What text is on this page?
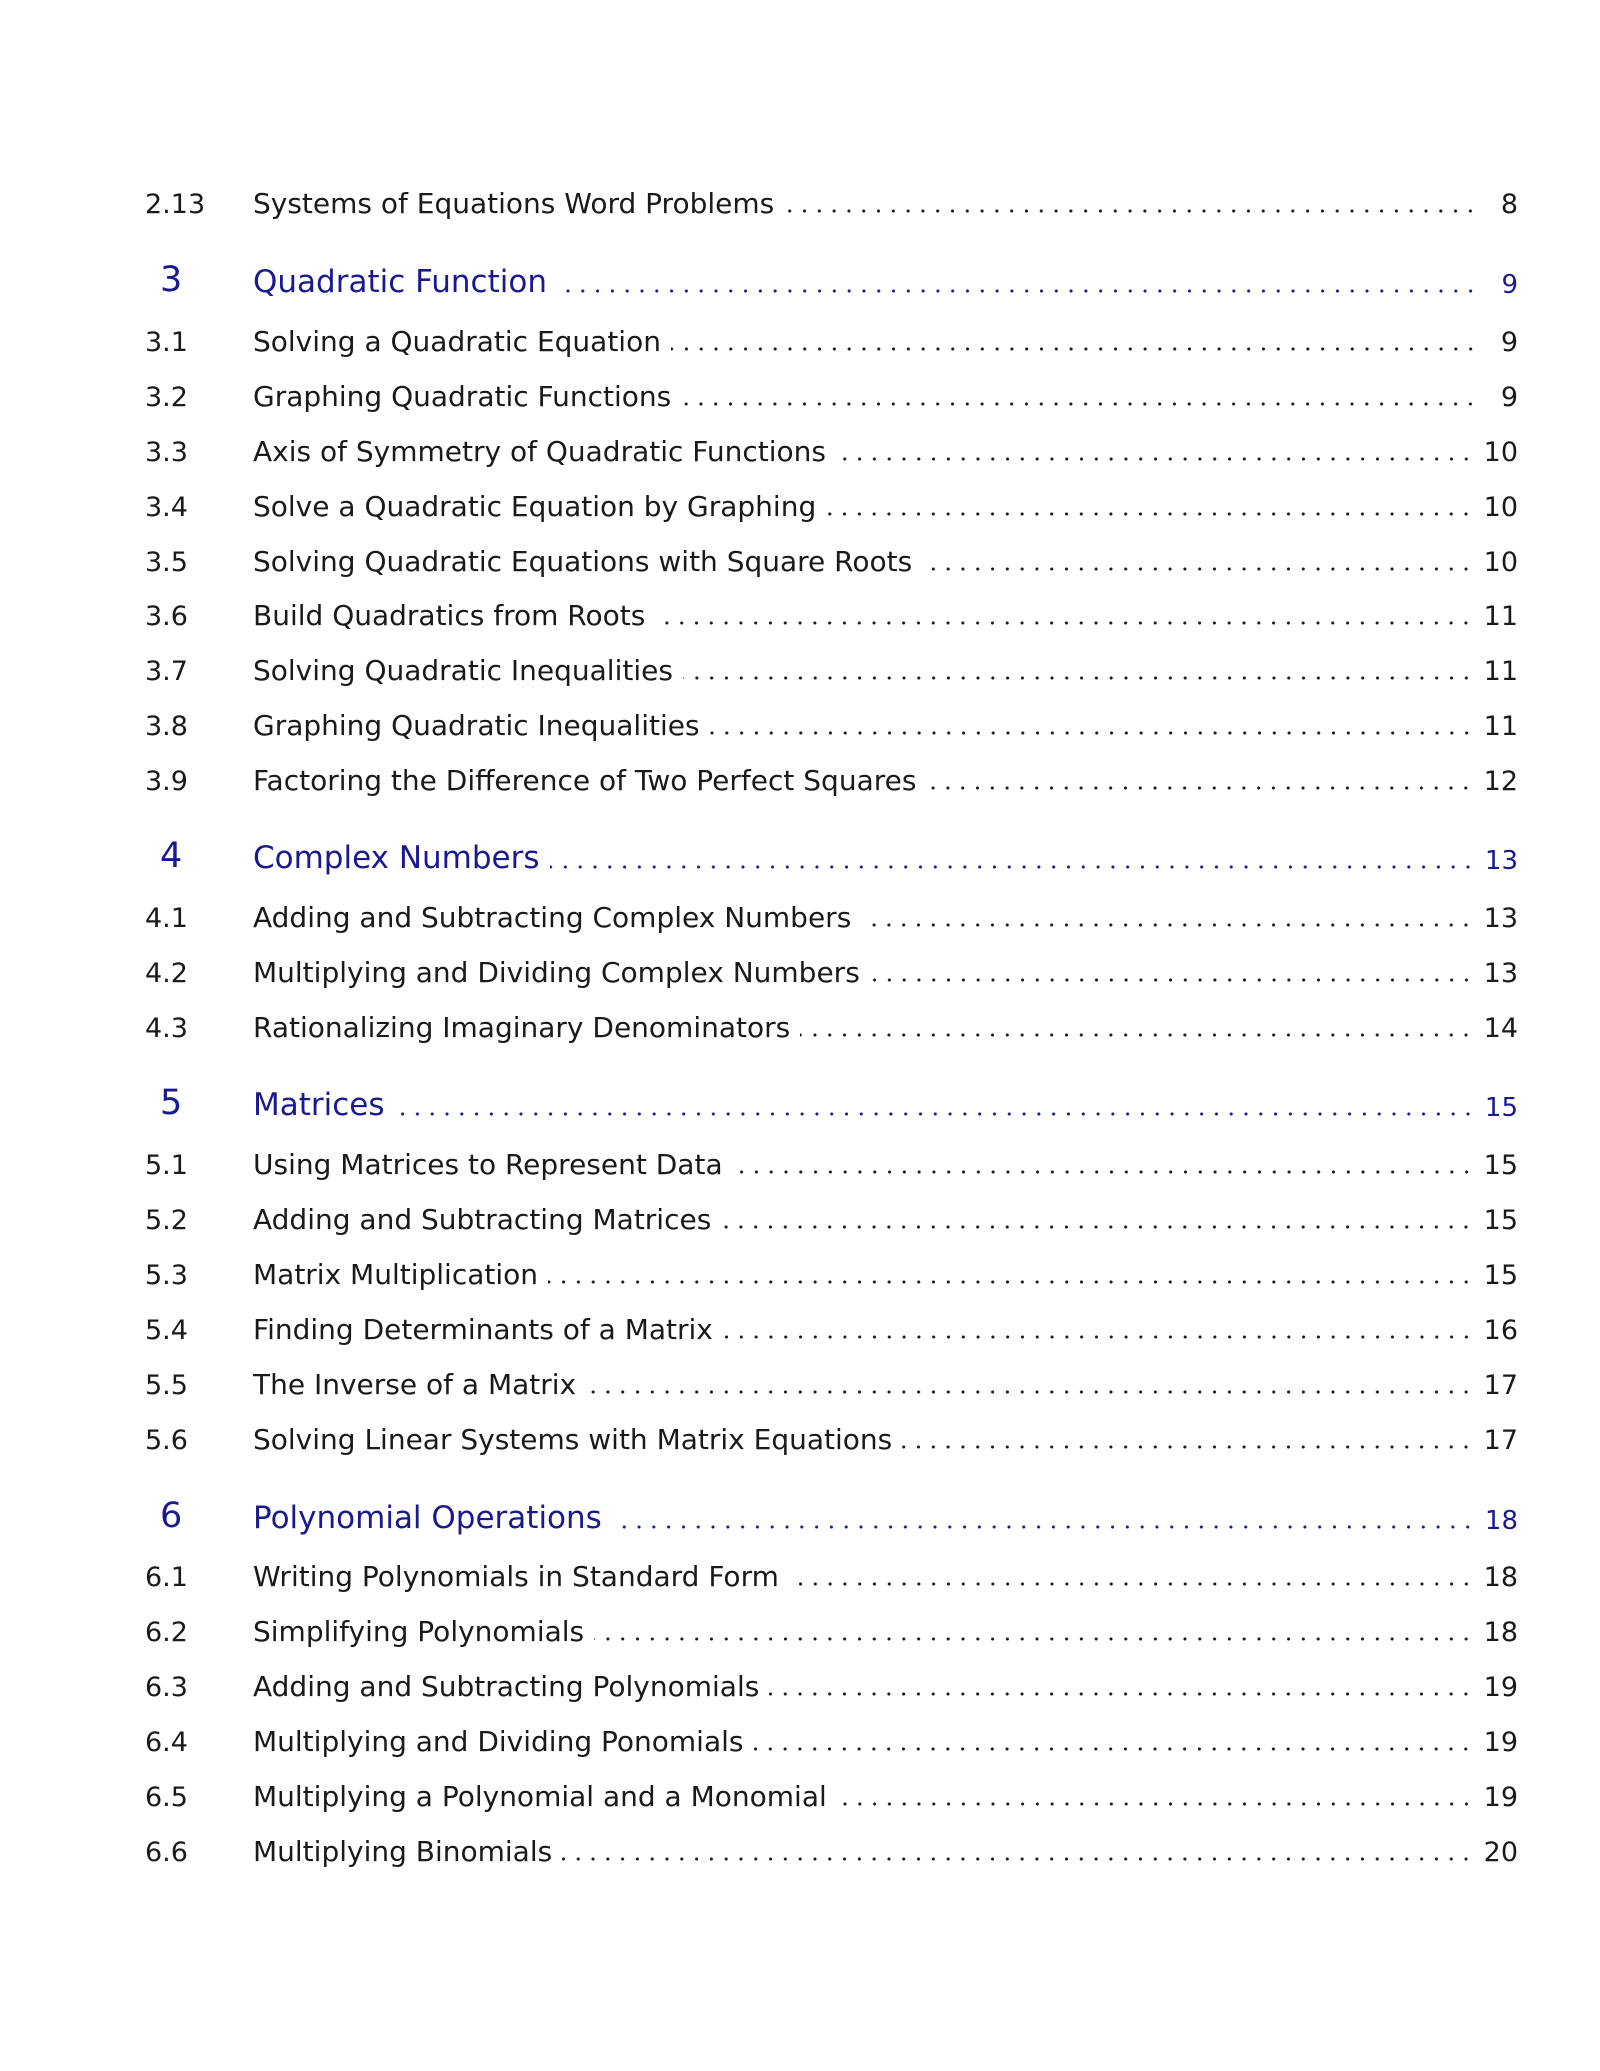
2.13 Systems of Equations Word Problems	8
3 Quadratic Function	9
3.1 Solving a Quadratic Equation	9
3.2 Graphing Quadratic Functions	9
3.3 Axis of Symmetry of Quadratic Functions	10
3.4 Solve a Quadratic Equation by Graphing	10
3.5 Solving Quadratic Equations with Square Roots	10
3.6 Build Quadratics from Roots	11
3.7 Solving Quadratic Inequalities	11
3.8 Graphing Quadratic Inequalities	11
3.9 Factoring the Difference of Two Perfect Squares	12
4 Complex Numbers	13
4.1 Adding and Subtracting Complex Numbers	13
4.2 Multiplying and Dividing Complex Numbers	13
4.3 Rationalizing Imaginary Denominators	14
5 Matrices	15
5.1 Using Matrices to Represent Data	15
5.2 Adding and Subtracting Matrices	15
5.3 Matrix Multiplication	15
5.4 Finding Determinants of a Matrix	16
5.5 The Inverse of a Matrix	17
5.6 Solving Linear Systems with Matrix Equations	17
6 Polynomial Operations	18
6.1 Writing Polynomials in Standard Form	18
6.2 Simplifying Polynomials	18
6.3 Adding and Subtracting Polynomials	19
6.4 Multiplying and Dividing Ponomials	19
6.5 Multiplying a Polynomial and a Monomial	19
6.6 Multiplying Binomials	20
